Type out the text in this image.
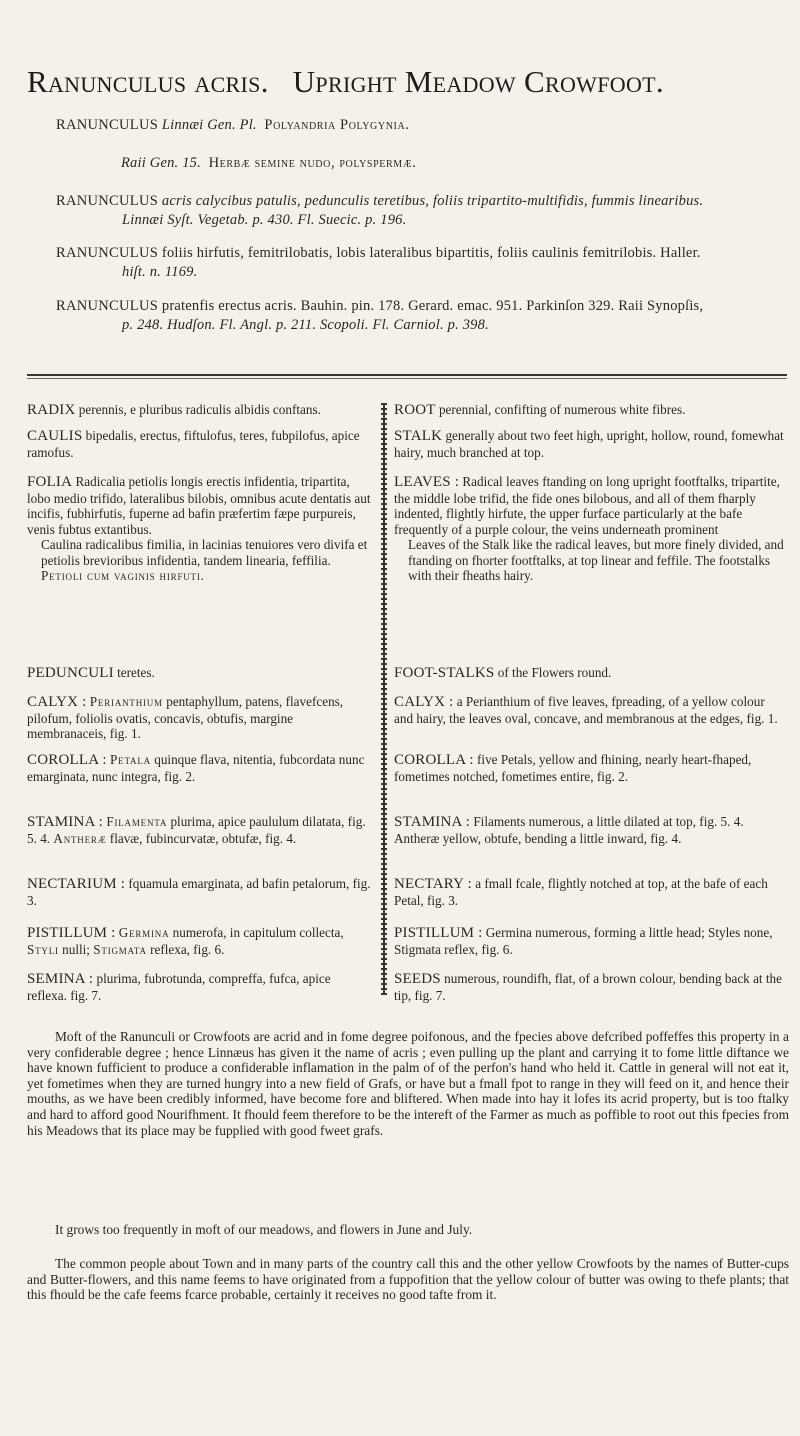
Ranunculus acris. Upright Meadow Crowfoot.
RANUNCULUS Linnæi Gen. Pl. Polyandria Polygynia.
Raii Gen. 15. Herbæ semine nudo, polyspermæ.
RANUNCULUS acris calycibus patulis, pedunculis teretibus, foliis tripartito-multifidis, fummis linearibus.
Linnæi Syſt. Vegetab. p. 430. Fl. Suecic. p. 196.
RANUNCULUS foliis hirfutis, femitrilobatis, lobis lateralibus bipartitis, foliis caulinis femitrilobis. Haller.
hiſt. n. 1169.
RANUNCULUS pratenfis erectus acris. Bauhin. pin. 178. Gerard. emac. 951. Parkinſon 329. Raii Synopſis,
p. 248. Hudſon. Fl. Angl. p. 211. Scopoli. Fl. Carniol. p. 398.
RADIX perennis, e pluribus radiculis albidis conftans.
CAULIS bipedalis, erectus, fiftulofus, teres, fubpilofus, apice ramofus.
FOLIA Radicalia petiolis longis erectis infidentia, tripartita, lobo medio trifido, lateralibus bilobis, omnibus acute dentatis aut incifis, fubhirfutis, fuperne ad bafin præfertim fæpe purpureis, venis fubtus extantibus.
Caulina radicalibus fimilia, in lacinias tenuiores vero divifa et petiolis brevioribus infidentia, tandem linearia, feffilia.
Petioli cum vaginis hirfuti.
PEDUNCULI teretes.
CALYX : Perianthium pentaphyllum, patens, flavefcens, pilofum, foliolis ovatis, concavis, obtufis, margine membranaceis, fig. 1.
COROLLA : Petala quinque flava, nitentia, fubcordata nunc emarginata, nunc integra, fig. 2.
STAMINA : Filamenta plurima, apice paululum dilatata, fig. 5. 4. Antheræ flavæ, fubincurvatæ, obtufæ, fig. 4.
NECTARIUM : fquamula emarginata, ad bafin petalorum, fig. 3.
PISTILLUM : Germina numerofa, in capitulum collecta, Styli nulli; Stigmata reflexa, fig. 6.
SEMINA : plurima, fubrotunda, compreffa, fufca, apice reflexa. fig. 7.
ROOT perennial, confifting of numerous white fibres.
STALK generally about two feet high, upright, hollow, round, fomewhat hairy, much branched at top.
LEAVES : Radical leaves ftanding on long upright footftalks, tripartite, the middle lobe trifid, the fide ones bilobous, and all of them fharply indented, flightly hirfute, the upper furface particularly at the bafe frequently of a purple colour, the veins underneath prominent
Leaves of the Stalk like the radical leaves, but more finely divided, and ftanding on fhorter footftalks, at top linear and feffile. The footstalks with their fheaths hairy.
FOOT-STALKS of the Flowers round.
CALYX : a Perianthium of five leaves, fpreading, of a yellow colour and hairy, the leaves oval, concave, and membranous at the edges, fig. 1.
COROLLA : five Petals, yellow and fhining, nearly heart-fhaped, fometimes notched, fometimes entire, fig. 2.
STAMINA : Filaments numerous, a little dilated at top, fig. 5. 4. Antheræ yellow, obtufe, bending a little inward, fig. 4.
NECTARY : a fmall fcale, flightly notched at top, at the bafe of each Petal, fig. 3.
PISTILLUM : Germina numerous, forming a little head; Styles none, Stigmata reflex, fig. 6.
SEEDS numerous, roundifh, flat, of a brown colour, bending back at the tip, fig. 7.

Moft of the Ranunculi or Crowfoots are acrid and in fome degree poifonous, and the fpecies above defcribed poffeffes this property in a very confiderable degree ; hence Linnæus has given it the name of acris ; even pulling up the plant and carrying it to fome little diftance we have known fufficient to produce a confiderable inflamation in the palm of of the perfon's hand who held it. Cattle in general will not eat it, yet fometimes when they are turned hungry into a new field of Grafs, or have but a fmall fpot to range in they will feed on it, and hence their mouths, as we have been credibly informed, have become fore and bliftered. When made into hay it lofes its acrid property, but is too ftalky and hard to afford good Nourifhment. It fhould feem therefore to be the intereft of the Farmer as much as poffible to root out this fpecies from his Meadows that its place may be fupplied with good fweet grafs.

It grows too frequently in moft of our meadows, and flowers in June and July.

The common people about Town and in many parts of the country call this and the other yellow Crowfoots by the names of Butter-cups and Butter-flowers, and this name feems to have originated from a fuppofition that the yellow colour of butter was owing to thefe plants; that this fhould be the cafe feems fcarce probable, certainly it receives no good tafte from it.
